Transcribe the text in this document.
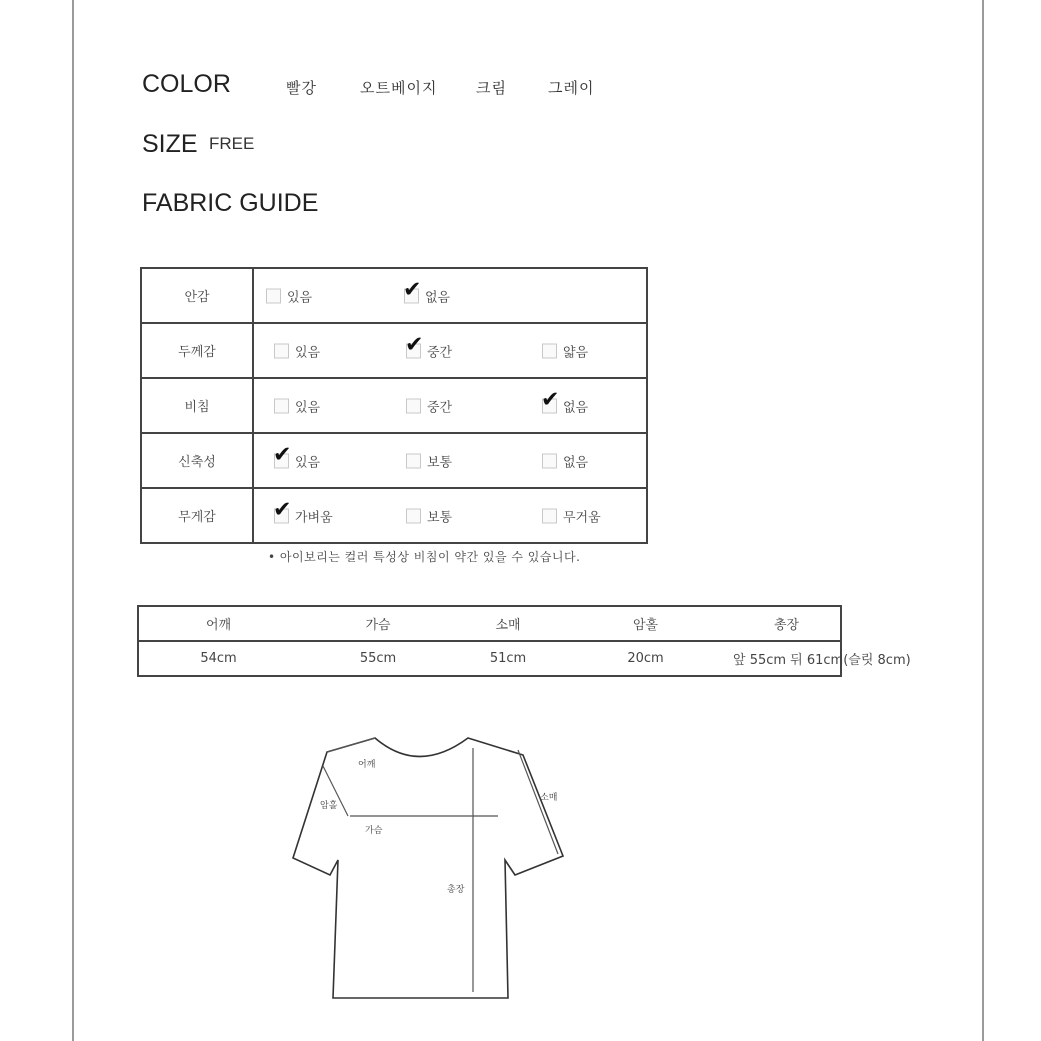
COLOR	빨강	오트베이지	크림	그레이
SIZE FREE
FABRIC GUIDE
안감	있음 ✔ 없음

두께감	있음 ✔ 중간 얇음

비침	있음 중간 ✔ 없음

신축성	✔ 있음 보통 없음

무게감	✔ 가벼움 보통 무거움
• 아이보리는 컬러 특성상 비침이 약간 있을 수 있습니다.
어깨	가슴	소매	암홀	총장
54cm	55cm	51cm	20cm	앞 55cm 뒤 61cm(슬릿 8cm)
어깨
암홀
가슴
소매
총장
